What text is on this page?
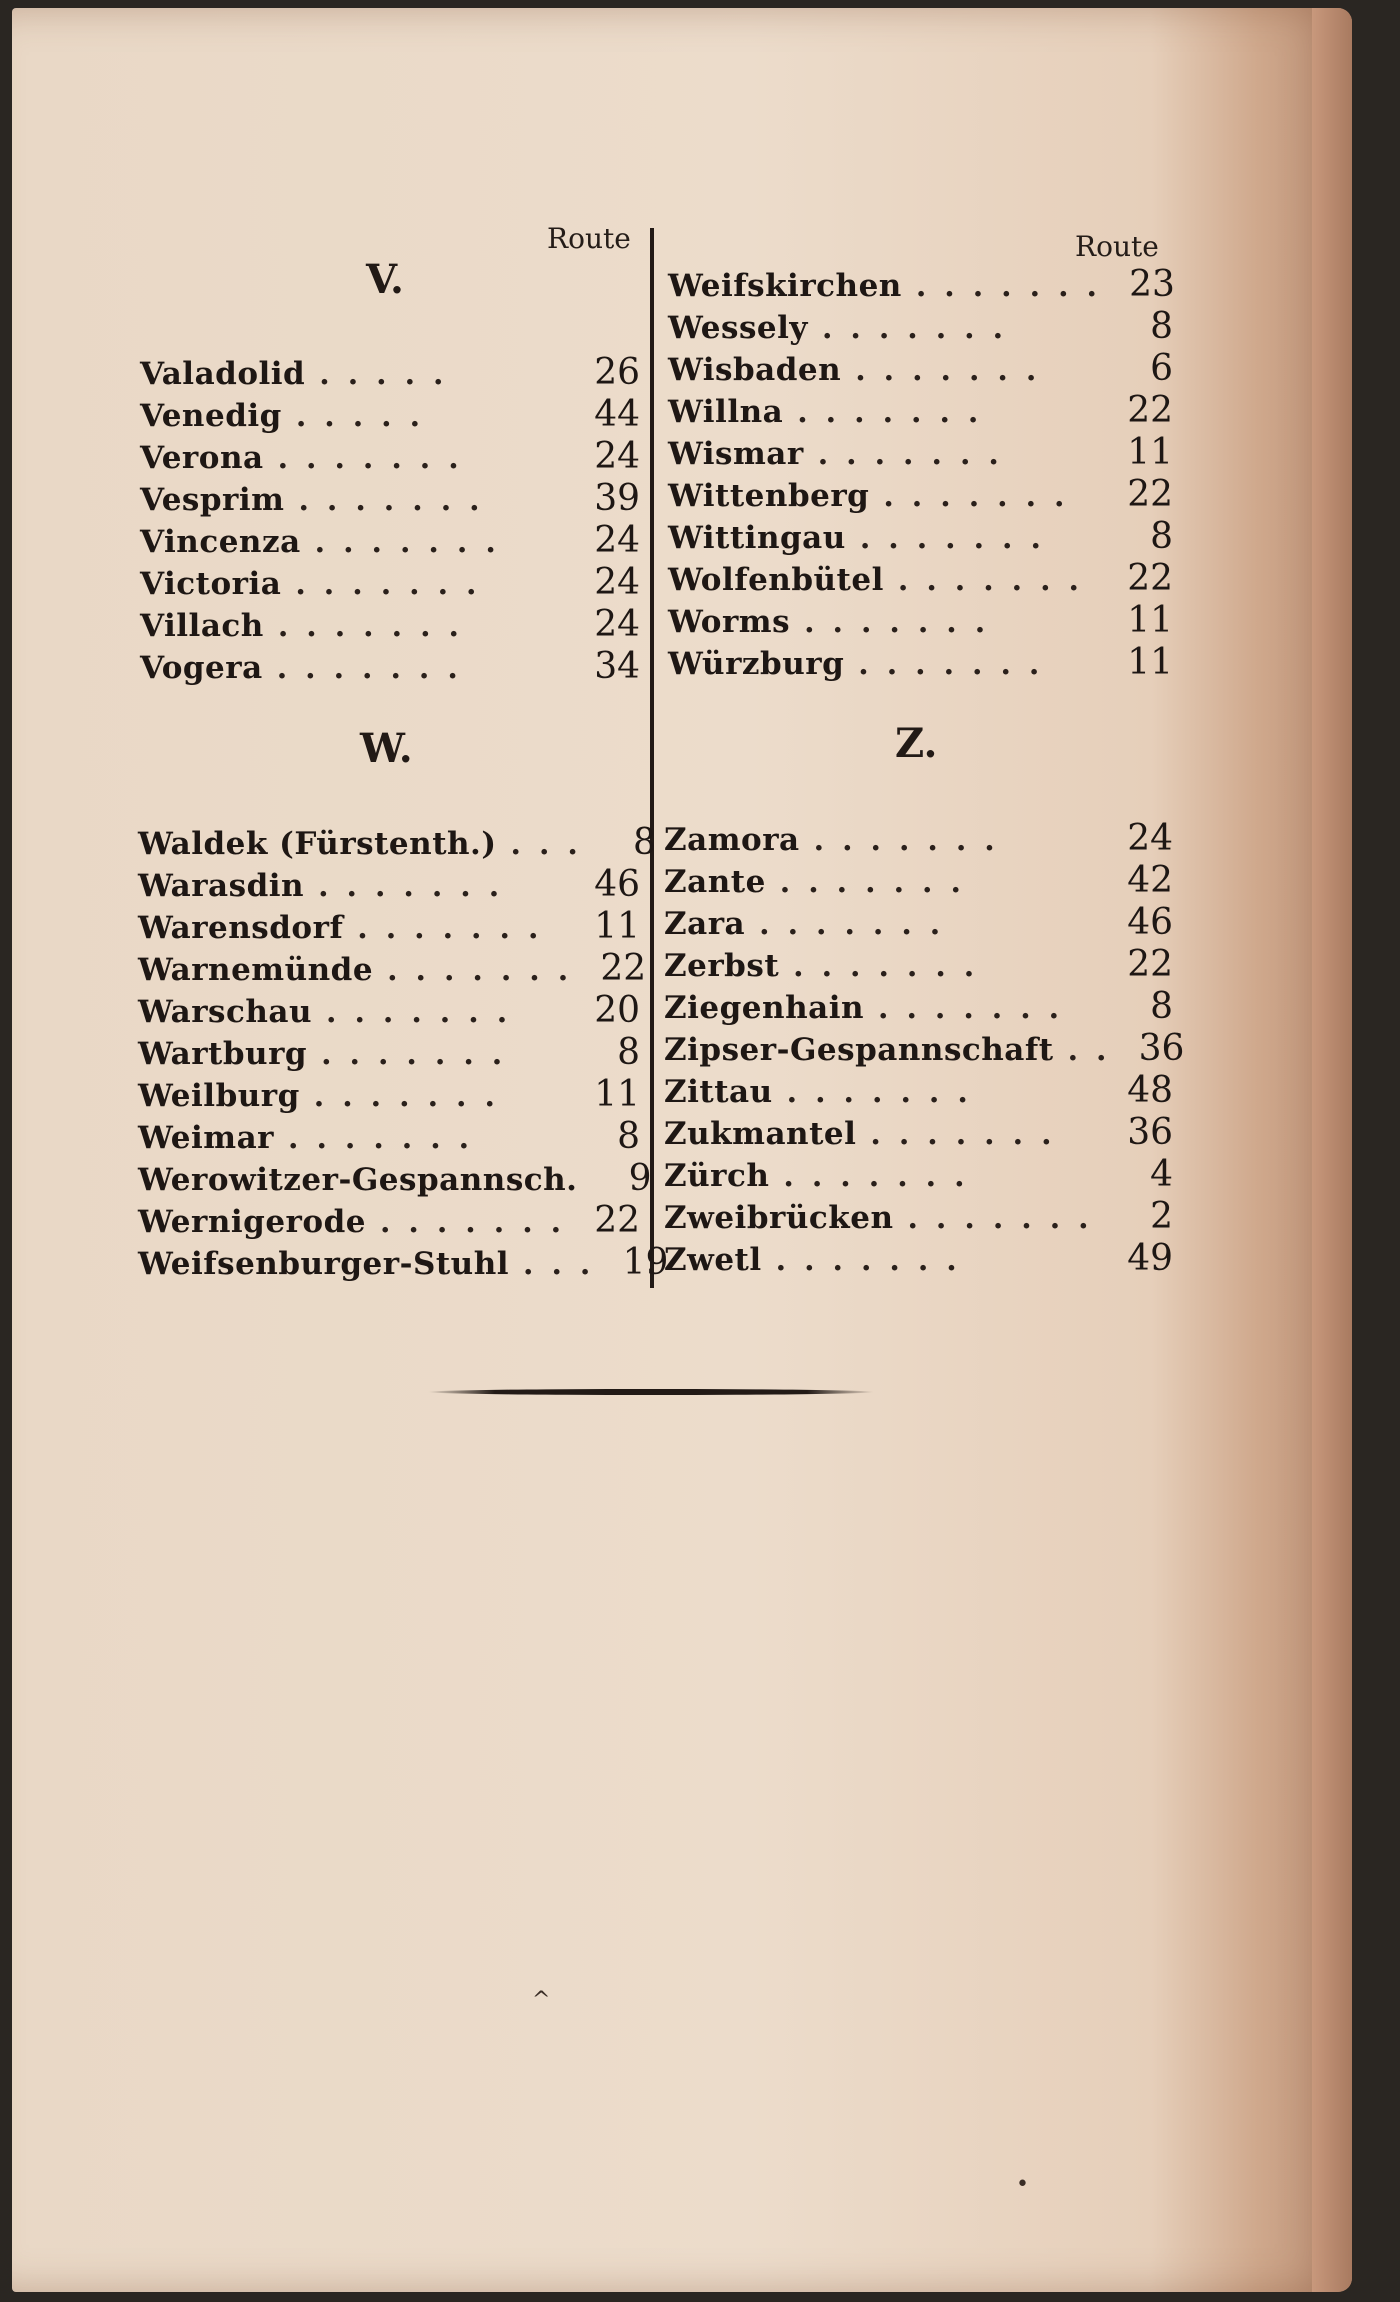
Route	Route
V.
W.	Z.
Valadolid .....	26
Venedig .....	44
Verona .......	24
Vesprim .......	39
Vincenza .......	24
Victoria .......	24
Villach .......	24
Vogera .......	34
Waldek (Fürstenth.) ...	8
Warasdin .......	46
Warensdorf .......	11
Warnemünde ....... 22
Warschau .......	20
Wartburg .......	8
Weilburg .......	11
Weimar .......	8
Werowitzer-Gespannsch.	9
Wernigerode ....... 22
Weifsenburger-Stuhl ... 19
Weifskirchen ....... 23
Wessely .......	8
Wisbaden .......	6
Willna .......	22
Wismar .......	11
Wittenberg .......	22
Wittingau .......	8
Wolfenbütel ....... 22
Worms .......	11
Würzburg .......	11
Zamora .......	24
Zante .......	42
Zara .......	46
Zerbst .......	22
Ziegenhain .......	8
Zipser-Gespannschaft .. 36
Zittau .......	48
Zukmantel .......	36
Zürch .......	4
Zweibrücken .......	2
Zwetl .......	49
^
•
